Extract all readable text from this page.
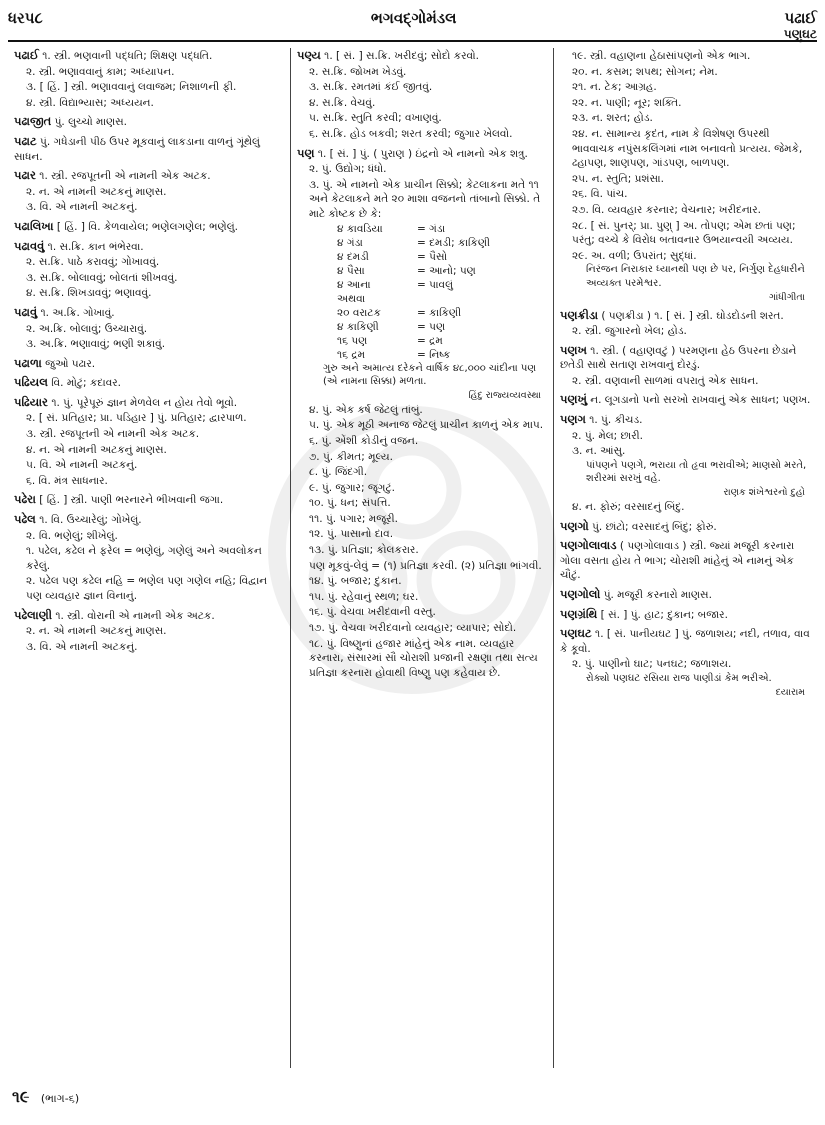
ધરપ૮	ભગવદ્ગોમંડલ	પઢાઈ
પણુઘટ
પઢાઈ ૧. સ્ત્રી. ભણવાની પદ્ધતિ; શિક્ષણ પદ્ધતિ.
૨. સ્ત્રી. ભણાવવાનું કામ; અધ્યાપન.
૩. [ હિં. ] સ્ત્રી. ભણાવવાનું લવાજમ; નિશાળની ફી.
૪. સ્ત્રી. વિદ્યાભ્યાસ; અધ્યયન.
પઢાજીત પું. લુચ્ચો માણસ.
પઢાટ પું. ગધેડાની પીઠ ઉપર મૂકવાનું લાકડાના વાળનું ગૂંથેલું સાધન.
પઢાર ૧. સ્ત્રી. રજપૂતની એ નામની એક અટક.
૨. ન. એ નામની અટકનું માણસ.
૩. વિ. એ નામની અટકનું.
પઢાલિખા [ હિં. ] વિ. કેળવાયેલ; ભણેલગણેલ; ભણેલું.
પઢાવવું ૧. સ.ક્રિ. કાન ભંભેરવા.
૨. સ.ક્રિ. પાઠે કરાવવું; ગોખાવવું.
૩. સ.ક્રિ. બોલાવવું; બોલતાં શીખવવું.
૪. સ.ક્રિ. શિખડાવવું; ભણાવવું.
પઢાવું ૧. અ.ક્રિ. ગોખાવું.
૨. અ.ક્રિ. બોલાવું; ઉચ્ચારાવું.
૩. અ.ક્રિ. ભણાવાવું; ભણી શકાવું.
પઢાળા જુઓ પઢાર.
પઢિયલ વિ. મોટું; કદાવર.
પઢિયાર ૧. પું. પૂરેપૂરું જ્ઞાન મેળવેલ ન હોય તેવો ભૂવો.
૨. [ સં. પ્રતિહાર; પ્રા. પડિહાર ] પું. પ્રતિહાર; દ્વારપાળ.
૩. સ્ત્રી. રજપૂતની એ નામની એક અટક.
૪. ન. એ નામની અટકનું માણસ.
૫. વિ. એ નામની અટકનું.
૬. વિ. મંત્ર સાધનાર.
પઢેરા [ હિં. ] સ્ત્રી. પાણી ભરનારને ભીખવાની જગા.
પઢેલ ૧. વિ. ઉચ્ચારેલું; ગોખેલું.
૨. વિ. ભણેલું; શીખેલું.
૧. પઢેલ, કઢેલ ને ફરેલ = ભણેલું, ગણેલું અને અવલોકન કરેલું.
૨. પઢેલ પણ કઢેલ નહિ = ભણેલ પણ ગણેલ નહિ; વિદ્વાન પણ વ્યવહાર જ્ઞાન વિનાનું.
પઢેલાણી ૧. સ્ત્રી. વોરાની એ નામની એક અટક.
૨. ન. એ નામની અટકનું માણસ.
૩. વિ. એ નામની અટકનું.
પણ્ય ૧. [ સં. ] સ.ક્રિ. ખરીદવું; સોદો કરવો.
૨. સ.ક્રિ. જોખમ ખેડવું.
૩. સ.ક્રિ. રમતમાં કંઈ જીતવું.
૪. સ.ક્રિ. વેચવું.
૫. સ.ક્રિ. સ્તુતિ કરવી; વખાણવું.
૬. સ.ક્રિ. હોડ બકવી; શરત કરવી; જુગાર ખેલવો.
પણ ૧. [ સં. ] પું. ( પુરાણ ) ઇંદ્રનો એ નામનો એક શત્રુ.
૨. પું. ઉદ્યોગ; ધંધો.
૩. પું. એ નામનો એક પ્રાચીન સિક્કો; કેટલાકના મતે ૧૧ અને કેટલાકને મતે ૨૦ માશા વજનનો તાંબાનો સિક્કો. તે માટે કોષ્ટક છે કે:
૪ કાવડિયા	= ગંડા
૪ ગંડા	= દમડી; કાકિણી
૪ દમડી	= પૈસો
૪ પૈસા	= આનો; પણ
૪ આના	= પાવલું
અથવા
૨૦ વરાટક	= કાકિણી
૪ કાકિણી	= પણ
૧૬ પણ	= દ્રમ
૧૬ દ્રમ	= નિષ્ક
ગુરુ અને અમાત્ય દરેકને વાર્ષિક ૪૮,૦૦૦ ચાંદીના પણ (એ નામના સિક્કા) મળતા.
હિંદુ રાજ્યવ્યવસ્થા
૪. પું. એક કર્ષ જેટલું તાંબું.
૫. પું. એક મૂઠી અનાજ જેટલું પ્રાચીન કાળનું એક માપ.
૬. પું. એંશી કોડીનું વજન.
૭. પું. કીમત; મૂલ્ય.
૮. પું. જિંદગી.
૯. પું. જુગાર; જૂગટું.
૧૦. પું. ધન; સંપત્તિ.
૧૧. પું. પગાર; મજૂરી.
૧૨. પું. પાસાનો દાવ.
૧૩. પું. પ્રતિજ્ઞા; કોલકરાર.
પણ મૂકવું-લેવું = (૧) પ્રતિજ્ઞા કરવી. (૨) પ્રતિજ્ઞા ભાંગવી.
૧૪. પું. બજાર; દુકાન.
૧૫. પું. રહેવાનું સ્થળ; ઘર.
૧૬. પું. વેચવા ખરીદવાની વસ્તુ.
૧૭. પું. વેચવા ખરીદવાનો વ્યવહાર; વ્યાપાર; સોદો.
૧૮. પું. વિષ્ણુનાં હજાર માંહેનું એક નામ. વ્યવહાર કરનારા, સંસારમાં સૌ ચોરાશી પ્રજાની રક્ષણા તથા સત્ય પ્રતિજ્ઞા કરનારા હોવાથી વિષ્ણુ પણ કહેવાય છે.
૧૯. સ્ત્રી. વહાણના હેઠાસાંપણનો એક ભાગ.
૨૦. ન. કસમ; શપથ; સોગન; નેમ.
૨૧. ન. ટેક; આગ્રહ.
૨૨. ન. પાણી; નૂર; શક્તિ.
૨૩. ન. શરત; હોડ.
૨૪. ન. સામાન્ય કૃદંત, નામ કે વિશેષણ ઉપરથી ભાવવાચક નપુંસકલિંગમાં નામ બનાવતો પ્રત્યય. જેમકે, ઢહાપણ, શાણપણ, ગાંડપણ, બાળપણ.
૨૫. ન. સ્તુતિ; પ્રશંસા.
૨૬. વિ. પાંચ.
૨૭. વિ. વ્યવહાર કરનાર; વેચનાર; ખરીદનાર.
૨૮. [ સં. પુનર્; પ્રા. પુણ્ ] અ. તોપણ; એમ છતાં પણ; પરંતુ; વચ્ચે કે વિરોધ બતાવનાર ઉભયાન્વયી અવ્યય.
૨૯. અ. વળી; ઉપરાંત; સુદ્ધાં.
નિરંજન નિરાકાર ધ્યાનથી પણ છે પર, નિર્ગુણ દેહધારીને અવ્યક્ત પરમેશ્વર.
ગાંધીગીતા
પણક્રીડા ( પણક્રીડા ) ૧. [ સં. ] સ્ત્રી. ઘોડદોડની શરત.
૨. સ્ત્રી. જુગારનો ખેલ; હોડ.
પણખ ૧. સ્ત્રી. ( વહાણવટું ) પરમણના હેઠ ઉપરના છેડાને છતેડી સાથે સતાણ રાખવાનું દોરડું.
૨. સ્ત્રી. વણવાની સાળમાં વપરાતું એક સાધન.
પણખું ન. લૂગડાનો પનો સરખો રાખવાનું એક સાધન; પણખ.
પણગ ૧. પું. કીચડ.
૨. પું. મેલ; છારી.
૩. ન. આંસુ.
પાંપણને પણગે, ભરાયા તો હૃવા ભરાવીએ; માણસો મરતે, શરીરમાં સરખું વહે.
રાણક શંખેશ્વરનો દુહો
૪. ન. ફોરું; વરસાદનું બિંદુ.
પણગો પું. છાંટો; વરસાદનું બિંદુ; ફોરું.
પણગોલાવાડ ( પણગોલાવાડ ) સ્ત્રી. જ્યાં મજૂરી કરનારા ગોલા વસતા હોય તે ભાગ; ચોરાશી માંહેનું એ નામનું એક ચૌટું.
પણગોલો પું. મજૂરી કરનારો માણસ.
પણગ્રંથિ [ સં. ] પું. હાટ; દુકાન; બજાર.
પણઘટ ૧. [ સં. પાનીયઘટ ] પું. જળાશય; નદી, તળાવ, વાવ કે કૂવો.
૨. પું. પાણીનો ઘાટ; પનઘટ; જળાશય.
રોક્યો પણઘટ રસિયા રાજ પાણીડાં કેમ ભરીએ.
દયારામ
૧૯ (ભાગ-૬)
